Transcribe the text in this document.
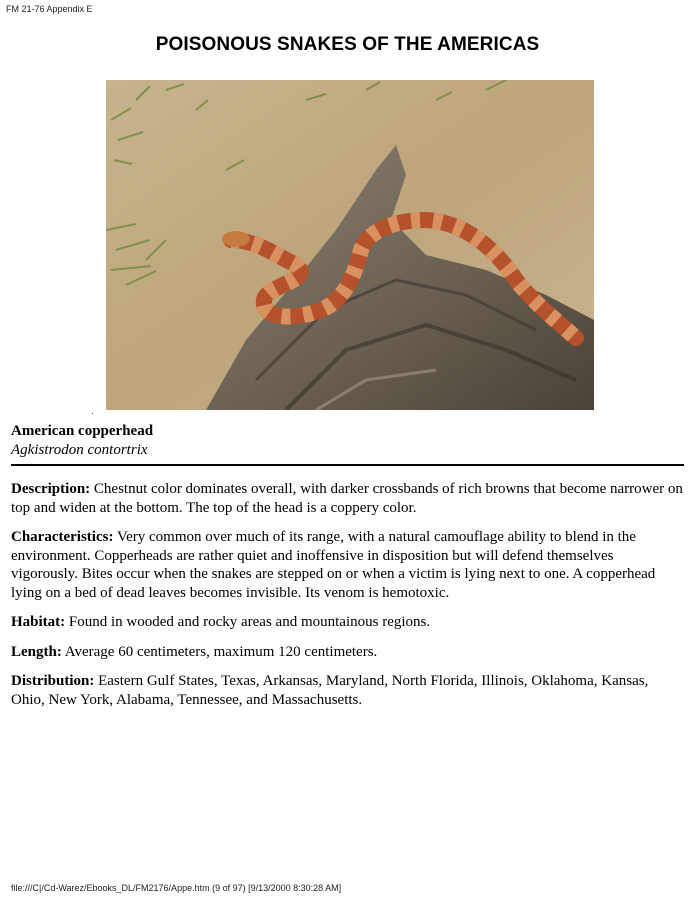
FM 21-76 Appendix E
POISONOUS SNAKES OF THE AMERICAS
American copperhead
Agkistrodon contortrix

Description: Chestnut color dominates overall, with darker crossbands of rich browns that become narrower on top and widen at the bottom. The top of the head is a coppery color.

Characteristics: Very common over much of its range, with a natural camouflage ability to blend in the environment. Copperheads are rather quiet and inoffensive in disposition but will defend themselves vigorously. Bites occur when the snakes are stepped on or when a victim is lying next to one. A copperhead lying on a bed of dead leaves becomes invisible. Its venom is hemotoxic.

Habitat: Found in wooded and rocky areas and mountainous regions.

Length: Average 60 centimeters, maximum 120 centimeters.

Distribution: Eastern Gulf States, Texas, Arkansas, Maryland, North Florida, Illinois, Oklahoma, Kansas, Ohio, New York, Alabama, Tennessee, and Massachusetts.

file:///C|/Cd-Warez/Ebooks_DL/FM2176/Appe.htm (9 of 97) [9/13/2000 8:30:28 AM]
